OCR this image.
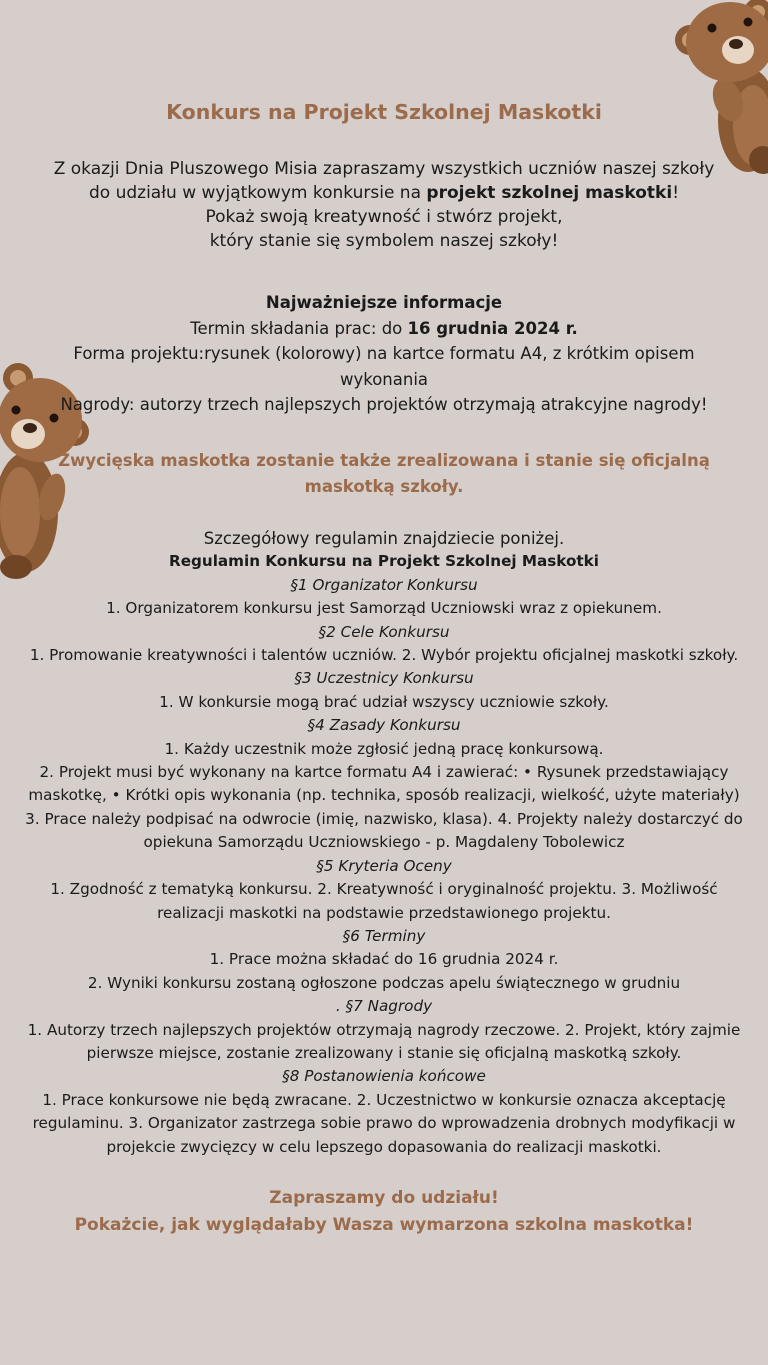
Konkurs na Projekt Szkolnej Maskotki

Z okazji Dnia Pluszowego Misia zapraszamy wszystkich uczniów naszej szkoły

do udziału w wyjątkowym konkursie na projekt szkolnej maskotki!

Pokaż swoją kreatywność i stwórz projekt,

który stanie się symbolem naszej szkoły!

Najważniejsze informacje

Termin składania prac: do 16 grudnia 2024 r.

Forma projektu:rysunek (kolorowy) na kartce formatu A4, z krótkim opisem

wykonania

Nagrody: autorzy trzech najlepszych projektów otrzymają atrakcyjne nagrody!

Zwycięska maskotka zostanie także zrealizowana i stanie się oficjalną
maskotką szkoły.

Szczegółowy regulamin znajdziecie poniżej.

Regulamin Konkursu na Projekt Szkolnej Maskotki

§1 Organizator Konkursu

1. Organizatorem konkursu jest Samorząd Uczniowski wraz z opiekunem.

§2 Cele Konkursu

1. Promowanie kreatywności i talentów uczniów. 2. Wybór projektu oficjalnej maskotki szkoły.

§3 Uczestnicy Konkursu

1. W konkursie mogą brać udział wszyscy uczniowie szkoły.

§4 Zasady Konkursu

1. Każdy uczestnik może zgłosić jedną pracę konkursową.

2. Projekt musi być wykonany na kartce formatu A4 i zawierać: • Rysunek przedstawiający

maskotkę, • Krótki opis wykonania (np. technika, sposób realizacji, wielkość, użyte materiały)

3. Prace należy podpisać na odwrocie (imię, nazwisko, klasa). 4. Projekty należy dostarczyć do

opiekuna Samorządu Uczniowskiego - p. Magdaleny Tobolewicz

§5 Kryteria Oceny

1. Zgodność z tematyką konkursu. 2. Kreatywność i oryginalność projektu. 3. Możliwość

realizacji maskotki na podstawie przedstawionego projektu.

§6 Terminy

1. Prace można składać do 16 grudnia 2024 r.

2. Wyniki konkursu zostaną ogłoszone podczas apelu świątecznego w grudniu

. §7 Nagrody

1. Autorzy trzech najlepszych projektów otrzymają nagrody rzeczowe. 2. Projekt, który zajmie

pierwsze miejsce, zostanie zrealizowany i stanie się oficjalną maskotką szkoły.

§8 Postanowienia końcowe

1. Prace konkursowe nie będą zwracane. 2. Uczestnictwo w konkursie oznacza akceptację

regulaminu. 3. Organizator zastrzega sobie prawo do wprowadzenia drobnych modyfikacji w

projekcie zwycięzcy w celu lepszego dopasowania do realizacji maskotki.

Zapraszamy do udziału!

Pokażcie, jak wyglądałaby Wasza wymarzona szkolna maskotka!
